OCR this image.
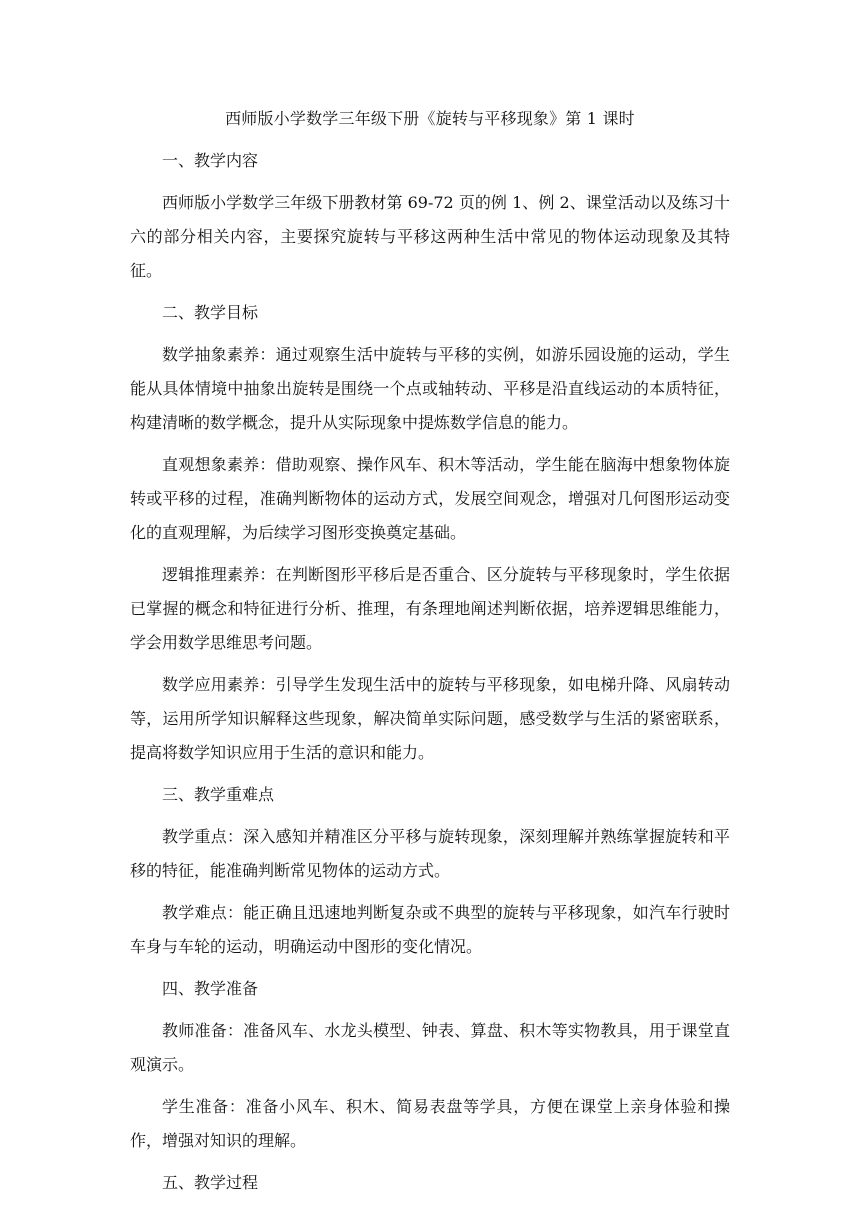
西师版小学数学三年级下册《旋转与平移现象》第 1 课时

一、教学内容

西师版小学数学三年级下册教材第 69-72 页的例 1、例 2、课堂活动以及练习十六的部分相关内容，主要探究旋转与平移这两种生活中常见的物体运动现象及其特征。

二、教学目标

数学抽象素养：通过观察生活中旋转与平移的实例，如游乐园设施的运动，学生能从具体情境中抽象出旋转是围绕一个点或轴转动、平移是沿直线运动的本质特征，构建清晰的数学概念，提升从实际现象中提炼数学信息的能力。

直观想象素养：借助观察、操作风车、积木等活动，学生能在脑海中想象物体旋转或平移的过程，准确判断物体的运动方式，发展空间观念，增强对几何图形运动变化的直观理解，为后续学习图形变换奠定基础。

逻辑推理素养：在判断图形平移后是否重合、区分旋转与平移现象时，学生依据已掌握的概念和特征进行分析、推理，有条理地阐述判断依据，培养逻辑思维能力，学会用数学思维思考问题。

数学应用素养：引导学生发现生活中的旋转与平移现象，如电梯升降、风扇转动等，运用所学知识解释这些现象，解决简单实际问题，感受数学与生活的紧密联系，提高将数学知识应用于生活的意识和能力。

三、教学重难点

教学重点：深入感知并精准区分平移与旋转现象，深刻理解并熟练掌握旋转和平移的特征，能准确判断常见物体的运动方式。

教学难点：能正确且迅速地判断复杂或不典型的旋转与平移现象，如汽车行驶时车身与车轮的运动，明确运动中图形的变化情况。

四、教学准备

教师准备：准备风车、水龙头模型、钟表、算盘、积木等实物教具，用于课堂直观演示。

学生准备：准备小风车、积木、简易表盘等学具，方便在课堂上亲身体验和操作，增强对知识的理解。

五、教学过程
